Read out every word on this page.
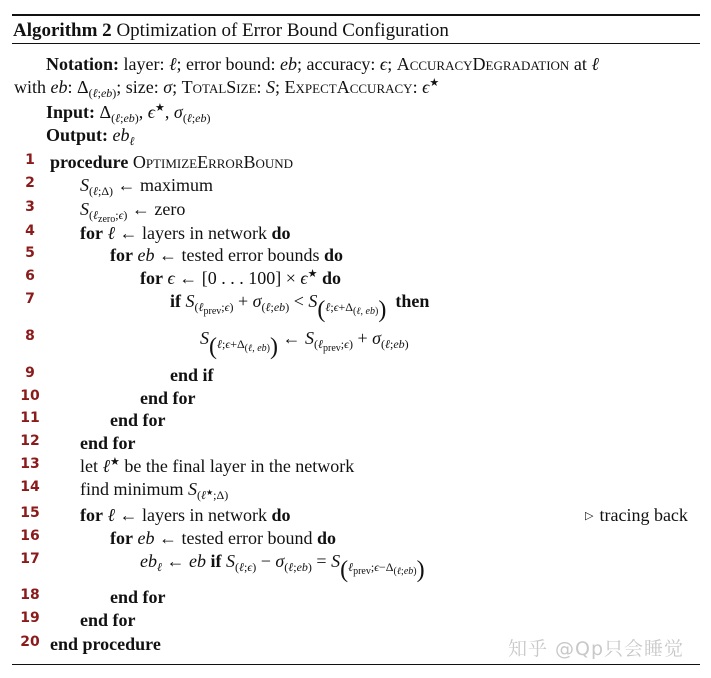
Algorithm 2 Optimization of Error Bound Configuration
Notation: layer: ℓ; error bound: eb; accuracy: ϵ; AccuracyDegradation at ℓ
with eb: $\Delta_{(\ell;eb)}$; size: σ; TotalSize: S; ExpectAccuracy: ϵ★
Input: $\Delta_{(\ell;eb)}$, ϵ★, $\sigma_{(\ell;eb)}$
Output: $eb_\ell$
1 procedure OptimizeErrorBound
2	$S_{(\ell;\Delta)}$ ← maximum
3	$S_{(\ell_{zero};\epsilon)}$ ← zero
4	for ℓ ← layers in network do
5	for eb ← tested error bounds do
6	for ϵ ← [0 . . . 100] × ϵ★ do
7	if $S_{(\ell_{prev};\epsilon)} + \sigma_{(\ell;eb)} < S_{(\ell;\epsilon+\Delta_{(\ell, eb)})}$ then
8	$S_{(\ell;\epsilon+\Delta_{(\ell, eb)})}$ ← $S_{(\ell_{prev};\epsilon)} + \sigma_{(\ell;eb)}$
9	end if
10	end for
11	end for
12 end for
13 let ℓ★ be the final layer in the network
14 find minimum $S_{(\ell^★;\Delta)}$
15 for ℓ ← layers in network do	▷ tracing back
16	for eb ← tested error bound do
17	$eb_\ell$ ← eb if $S_{(\ell;\epsilon)} - \sigma_{(\ell;eb)} = S_{(\ell_{prev};\epsilon-\Delta_{(\ell;eb)})}$
18	end for
19 end for
20 end procedure	知乎 @Qp只会睡觉
